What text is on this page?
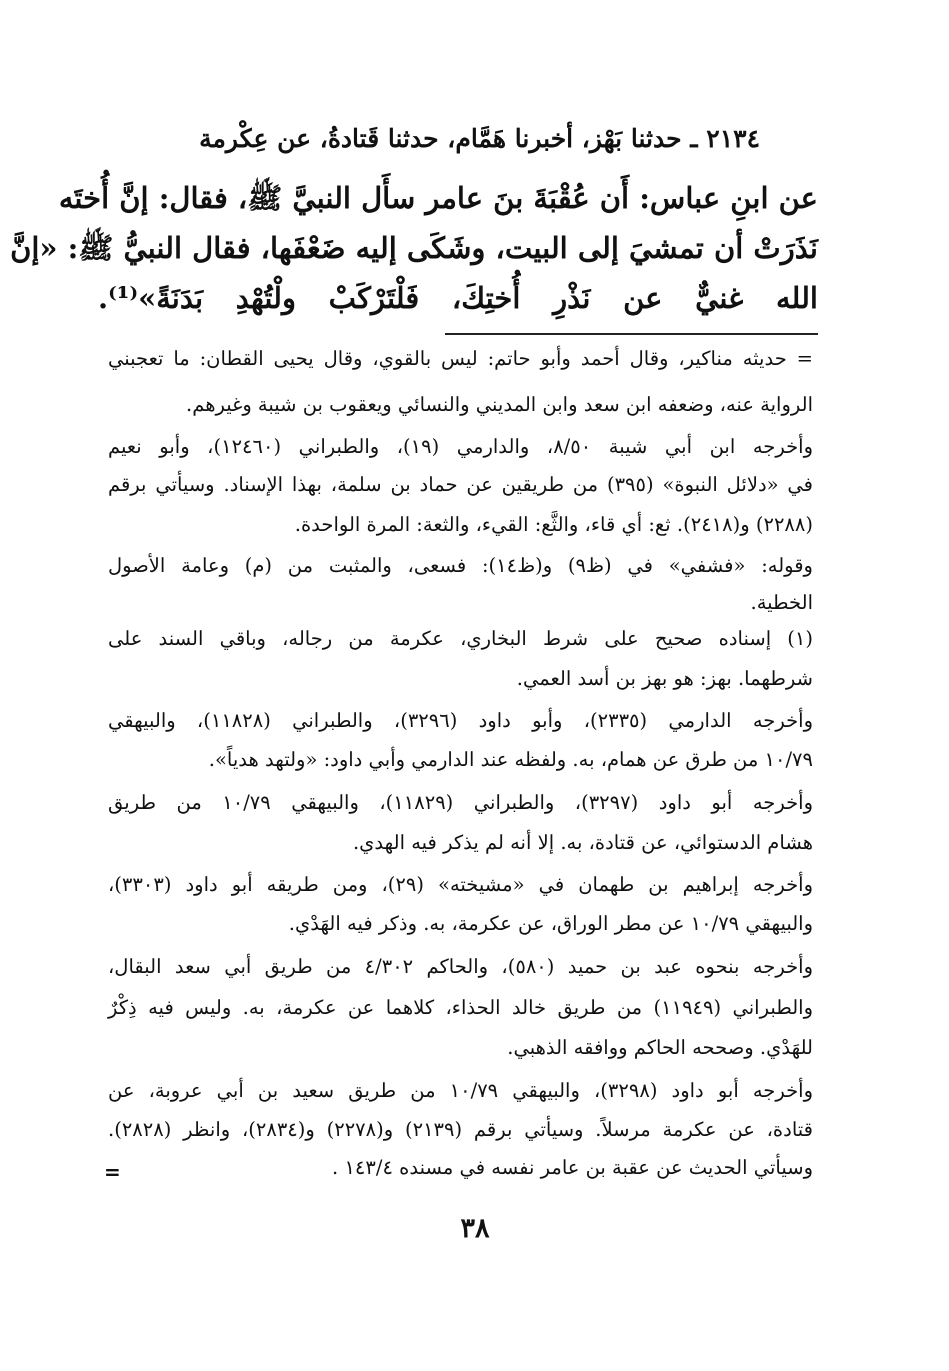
٢١٣٤ ـ حدثنا بَهْز، أخبرنا هَمَّام، حدثنا قَتادةُ، عن عِكْرمة
عن ابنِ عباس: أَن عُقْبَةَ بنَ عامر سأَل النبيَّ ﷺ، فقال: إنَّ أُختَه
نَذَرَتْ أن تمشيَ إلى البيت، وشَكَى إليه ضَعْفَها، فقال النبيُّ ﷺ: «إنَّ
الله غنيٌّ عن نَذْرِ أُختِكَ، فَلْتَرْكَبْ ولْتُهْدِ بَدَنَةً»⁽¹⁾.
= حديثه مناكير، وقال أحمد وأبو حاتم: ليس بالقوي، وقال يحيى القطان: ما تعجبني
الرواية عنه، وضعفه ابن سعد وابن المديني والنسائي ويعقوب بن شيبة وغيرهم.
وأخرجه ابن أبي شيبة ٨/٥٠، والدارمي (١٩)، والطبراني (١٢٤٦٠)، وأبو نعيم
في «دلائل النبوة» (٣٩٥) من طريقين عن حماد بن سلمة، بهذا الإسناد. وسيأتي برقم
(٢٢٨٨) و(٢٤١٨). ثع: أي قاء، والثَّع: القيء، والثعة: المرة الواحدة.
وقوله: «فشفي» في (ظ٩) و(ظ١٤): فسعى، والمثبت من (م) وعامة الأصول
الخطية.
(١) إسناده صحيح على شرط البخاري، عكرمة من رجاله، وباقي السند على
شرطهما. بهز: هو بهز بن أسد العمي.
وأخرجه الدارمي (٢٣٣٥)، وأبو داود (٣٢٩٦)، والطبراني (١١٨٢٨)، والبيهقي
١٠/٧٩ من طرق عن همام، به. ولفظه عند الدارمي وأبي داود: «ولتهد هدياً».
وأخرجه أبو داود (٣٢٩٧)، والطبراني (١١٨٢٩)، والبيهقي ١٠/٧٩ من طريق
هشام الدستوائي، عن قتادة، به. إلا أنه لم يذكر فيه الهدي.
وأخرجه إبراهيم بن طهمان في «مشيخته» (٢٩)، ومن طريقه أبو داود (٣٣٠٣)،
والبيهقي ١٠/٧٩ عن مطر الوراق، عن عكرمة، به. وذكر فيه الهَدْي.
وأخرجه بنحوه عبد بن حميد (٥٨٠)، والحاكم ٤/٣٠٢ من طريق أبي سعد البقال،
والطبراني (١١٩٤٩) من طريق خالد الحذاء، كلاهما عن عكرمة، به. وليس فيه ذِكْرٌ
للهَدْي. وصححه الحاكم ووافقه الذهبي.
وأخرجه أبو داود (٣٢٩٨)، والبيهقي ١٠/٧٩ من طريق سعيد بن أبي عروبة، عن
قتادة، عن عكرمة مرسلاً. وسيأتي برقم (٢١٣٩) و(٢٢٧٨) و(٢٨٣٤)، وانظر (٢٨٢٨).
وسيأتي الحديث عن عقبة بن عامر نفسه في مسنده ١٤٣/٤ .
=
٣٨
